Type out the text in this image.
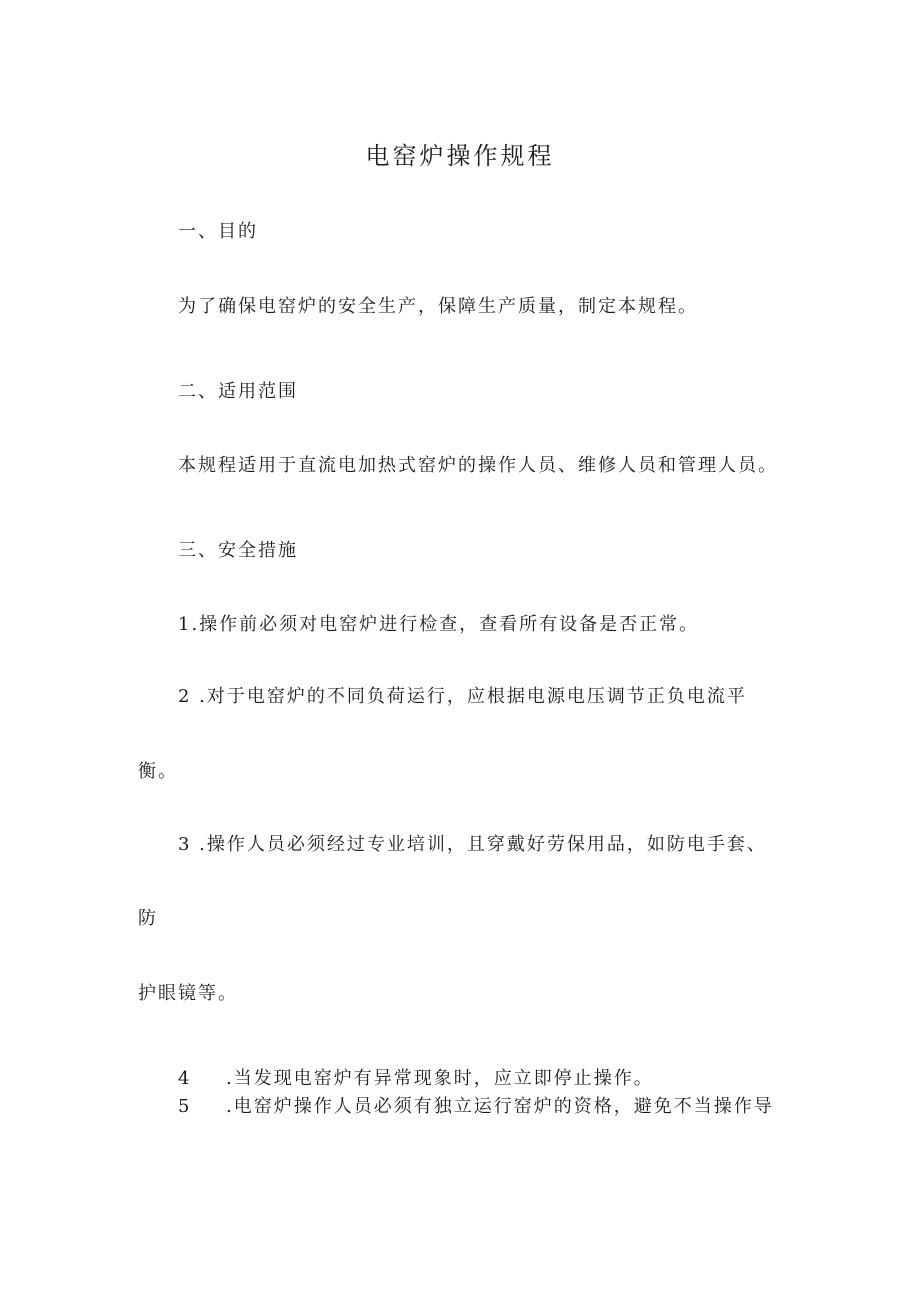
电窑炉操作规程
一、目的
为了确保电窑炉的安全生产，保障生产质量，制定本规程。
二、适用范围
本规程适用于直流电加热式窑炉的操作人员、维修人员和管理人员。
三、安全措施
1.操作前必须对电窑炉进行检查，查看所有设备是否正常。
2 .对于电窑炉的不同负荷运行，应根据电源电压调节正负电流平
衡。
3 .操作人员必须经过专业培训，且穿戴好劳保用品，如防电手套、
防
护眼镜等。
4 .当发现电窑炉有异常现象时，应立即停止操作。
5 .电窑炉操作人员必须有独立运行窑炉的资格，避免不当操作导
